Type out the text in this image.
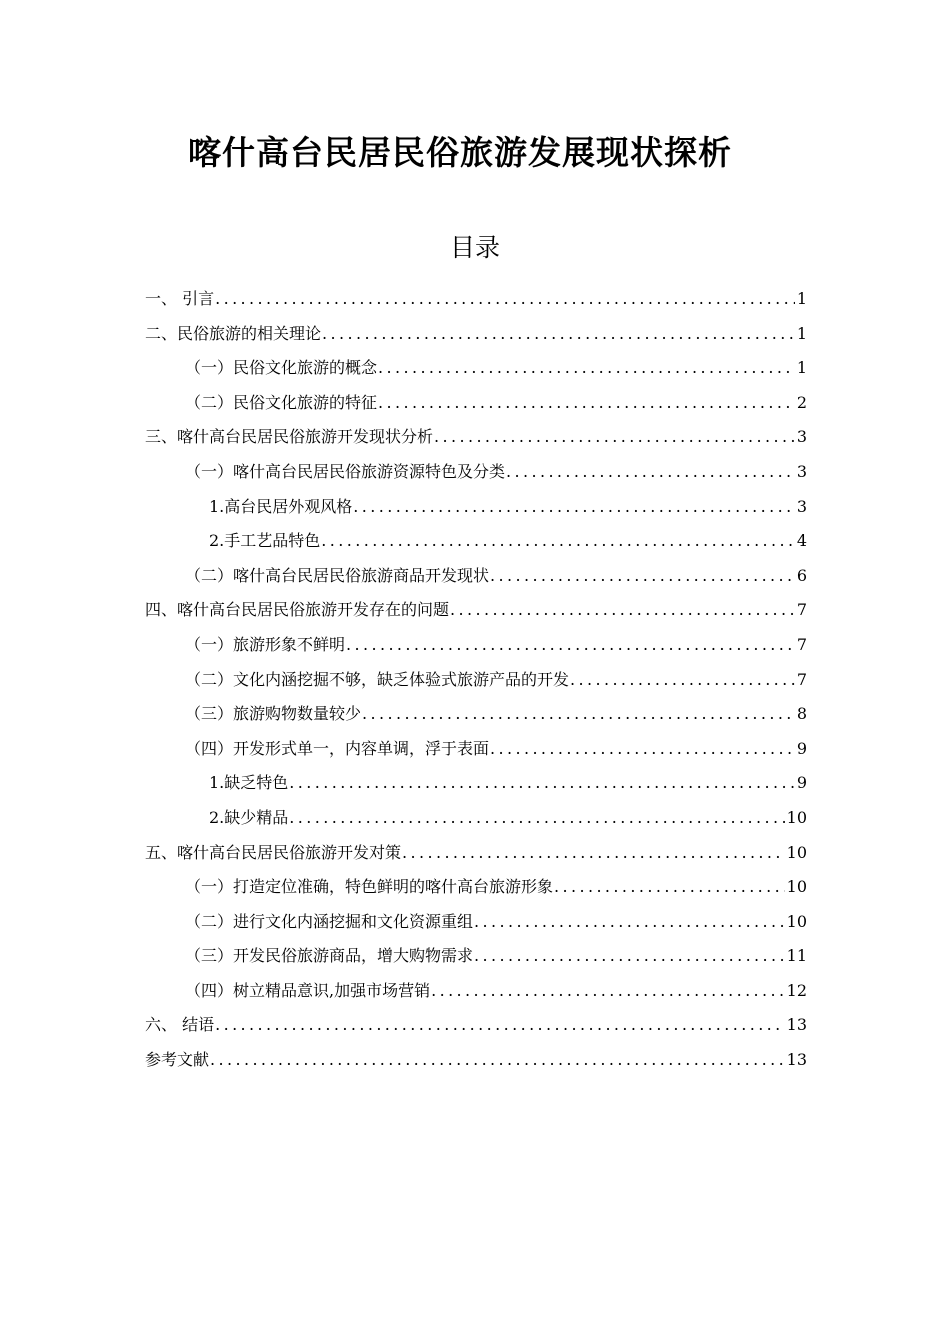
喀什高台民居民俗旅游发展现状探析
目录
一、 引言 .....	1
二、民俗旅游的相关理论 .....	1
（一）民俗文化旅游的概念 .....	1
（二）民俗文化旅游的特征 .....	2
三、喀什高台民居民俗旅游开发现状分析 .....	3
（一）喀什高台民居民俗旅游资源特色及分类 .....	3
1.高台民居外观风格 .....	3
2.手工艺品特色 .....	4
（二）喀什高台民居民俗旅游商品开发现状 .....	6
四、喀什高台民居民俗旅游开发存在的问题 .....	7
（一）旅游形象不鲜明 .....	7
（二）文化内涵挖掘不够，缺乏体验式旅游产品的开发 .....	7
（三）旅游购物数量较少 .....	8
（四）开发形式单一，内容单调，浮于表面 .....	9
1.缺乏特色 .....	9
2.缺少精品 .....	10
五、喀什高台民居民俗旅游开发对策 .....	10
（一）打造定位准确，特色鲜明的喀什高台旅游形象 .....	10
（二）进行文化内涵挖掘和文化资源重组 .....	10
（三）开发民俗旅游商品，增大购物需求 .....	11
（四）树立精品意识,加强市场营销 .....	12
六、 结语 .....	13
参考文献 .....	13
